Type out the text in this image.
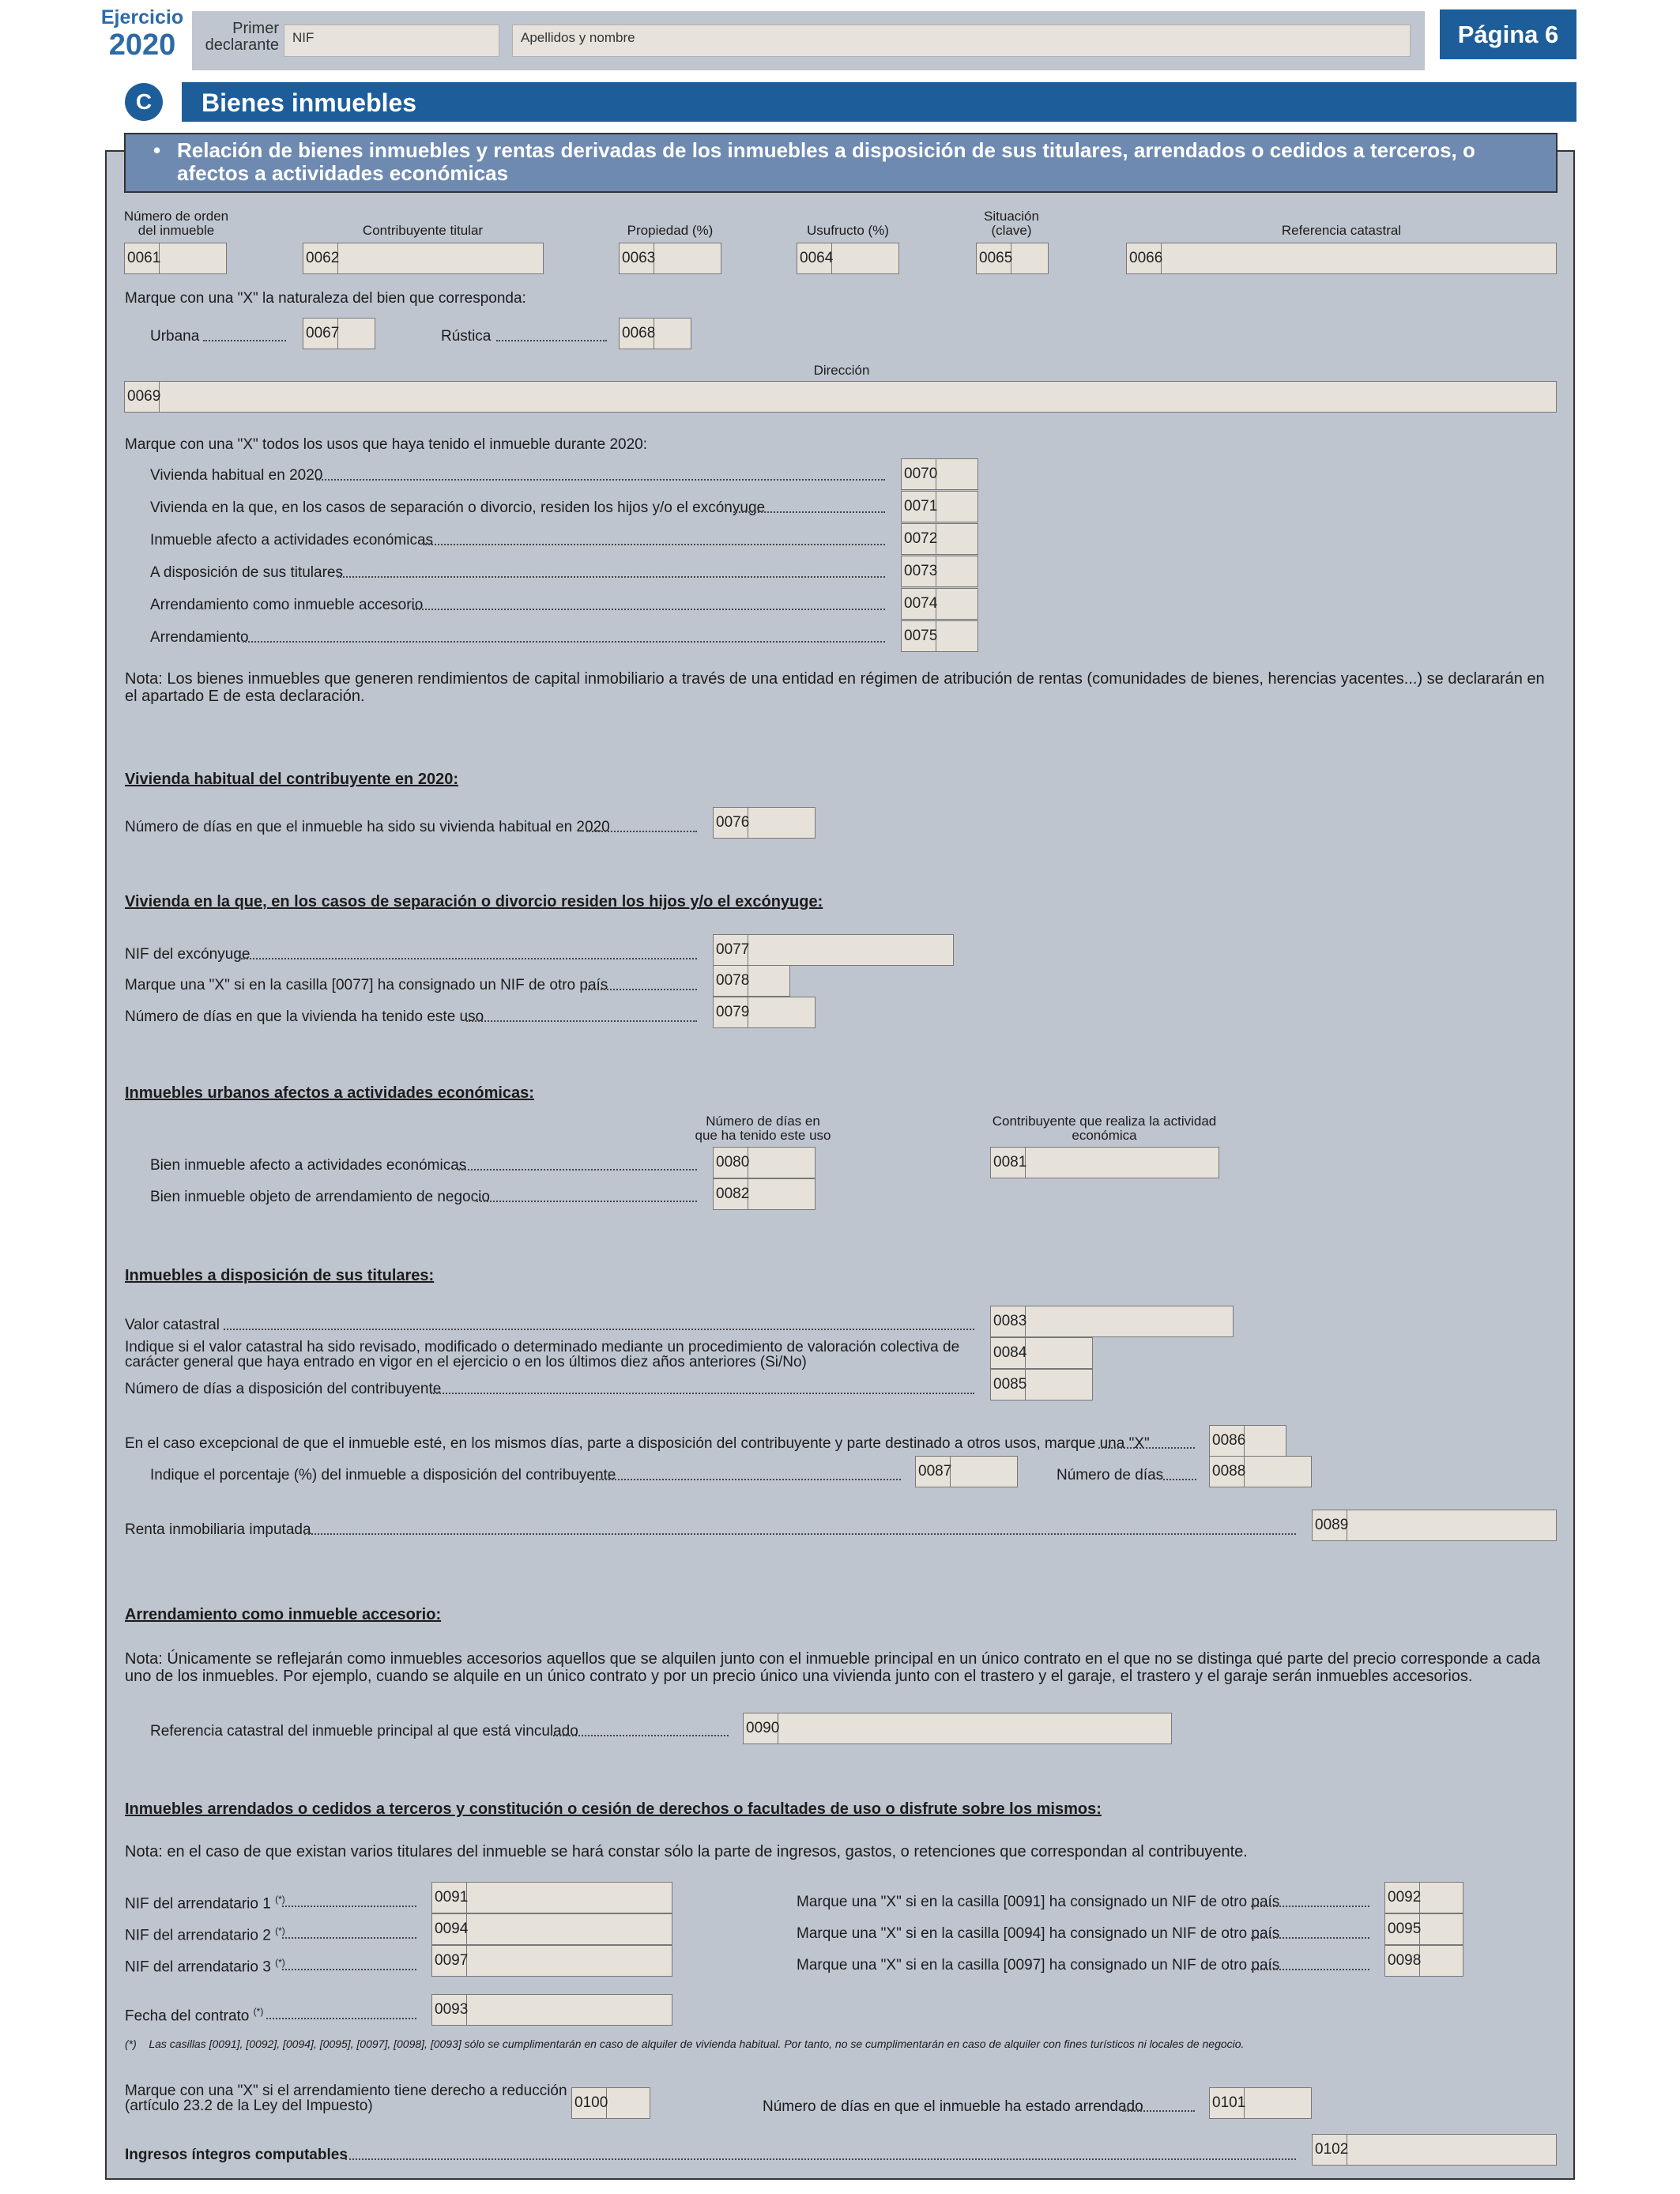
Ejercicio
2020	Primer declarante	NIF	Apellidos y nombre	Página 6
C	Bienes inmuebles
• Relación de bienes inmuebles y rentas derivadas de los inmuebles a disposición de sus titulares, arrendados o cedidos a terceros, o afectos a actividades económicas
Número de orden del inmueble	Contribuyente titular	Propiedad (%)	Usufructo (%)
Situación (clave)	Referencia catastral
0061	0062	0063	0064	0065	0066
Marque con una "X" la naturaleza del bien que corresponda:
Urbana	0067	Rústica	0068
Dirección
0069
Marque con una "X" todos los usos que haya tenido el inmueble durante 2020:
Vivienda habitual en 2020	0070
Vivienda en la que, en los casos de separación o divorcio, residen los hijos y/o el excónyuge	0071
Inmueble afecto a actividades económicas	0072
A disposición de sus titulares	0073
Arrendamiento como inmueble accesorio	0074
Arrendamiento	0075
Nota: Los bienes inmuebles que generen rendimientos de capital inmobiliario a través de una entidad en régimen de atribución de rentas (comunidades de bienes, herencias yacentes...) se declararán en el apartado E de esta declaración.
Vivienda habitual del contribuyente en 2020:
Número de días en que el inmueble ha sido su vivienda habitual en 2020	0076
Vivienda en la que, en los casos de separación o divorcio residen los hijos y/o el excónyuge:
NIF del excónyuge	0077
Marque una "X" si en la casilla [0077] ha consignado un NIF de otro país	0078
Número de días en que la vivienda ha tenido este uso	0079
Inmuebles urbanos afectos a actividades económicas:
Número de días en que ha tenido este uso
Contribuyente que realiza la actividad económica
Bien inmueble afecto a actividades económicas	0080	0081
Bien inmueble objeto de arrendamiento de negocio	0082
Inmuebles a disposición de sus titulares:
Valor catastral	0083
Indique si el valor catastral ha sido revisado, modificado o determinado mediante un procedimiento de valoración colectiva de carácter general que haya entrado en vigor en el ejercicio o en los últimos diez años anteriores (Si/No)
0084
Número de días a disposición del contribuyente	0085
En el caso excepcional de que el inmueble esté, en los mismos días, parte a disposición del contribuyente y parte destinado a otros usos, marque una "X"	0086
Indique el porcentaje (%) del inmueble a disposición del contribuyente	0087	Número de días	0088
Renta inmobiliaria imputada	0089
Arrendamiento como inmueble accesorio:
Nota: Únicamente se reflejarán como inmuebles accesorios aquellos que se alquilen junto con el inmueble principal en un único contrato en el que no se distinga qué parte del precio corresponde a cada uno de los inmuebles. Por ejemplo, cuando se alquile en un único contrato y por un precio único una vivienda junto con el trastero y el garaje, el trastero y el garaje serán inmuebles accesorios.
Referencia catastral del inmueble principal al que está vinculado	0090
Inmuebles arrendados o cedidos a terceros y constitución o cesión de derechos o facultades de uso o disfrute sobre los mismos:
Nota: en el caso de que existan varios titulares del inmueble se hará constar sólo la parte de ingresos, gastos, o retenciones que correspondan al contribuyente.
NIF del arrendatario 1 (*)	0091	Marque una "X" si en la casilla [0091] ha consignado un NIF de otro país	0092
NIF del arrendatario 2 (*)	0094	Marque una "X" si en la casilla [0094] ha consignado un NIF de otro país	0095
NIF del arrendatario 3 (*)	0097	Marque una "X" si en la casilla [0097] ha consignado un NIF de otro país	0098
Fecha del contrato (*)	0093
(*) Las casillas [0091], [0092], [0094], [0095], [0097], [0098], [0093] sólo se cumplimentarán en caso de alquiler de vivienda habitual. Por tanto, no se cumplimentarán en caso de alquiler con fines turísticos ni locales de negocio.
Marque con una "X" si el arrendamiento tiene derecho a reducción (artículo 23.2 de la Ley del Impuesto)	0100	Número de días en que el inmueble ha estado arrendado	0101
Ingresos íntegros computables	0102
